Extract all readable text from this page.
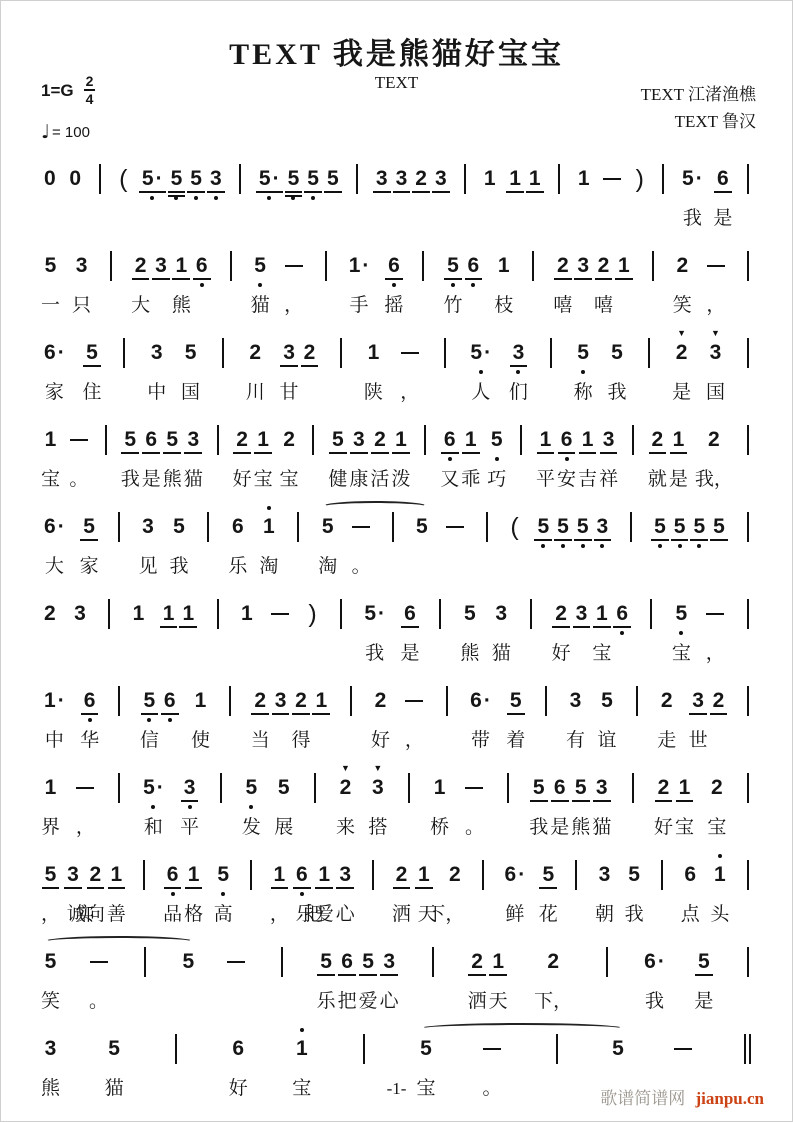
TEXT 我是熊猫好宝宝
TEXT
$1=G \frac{2}{4}$
♩ = 100
TEXT 江渚渔樵
TEXT 鲁汉
0 0 ( 5 · 5 5 3 5 · 5 5 5 3 3 2 3 1 1 1 1 ) 5 ·
我
6
是
5
一
3
只
2
大
3 1
熊
6 5
猫 ，
1 ·
手
6
摇
5
竹
6 1
枝
2
嘻
3 2
嘻
1 2
笑 ，
6 ·
家
5
住
3
中
5
国
2
川
3
甘
2 1
陕 ，
5 ·
人
3
们
5
称
5
我
▼
2
是
▼
3
国
1
宝 。
5
我
6
是
5
熊
3
猫
2
好
1
宝
2
宝
5
健
3
康
2
活
1
泼
6
又
1
乖
5
巧
1
平
6
安
1
吉
3
祥
2
就
1
是
2
我，
6 ·
大
5
家
3
见
5
我
6
乐
1
淘
5
淘 。
5	( 5 5 5 3 5 5 5 5
2 3 1 1 1 1 ) 5 ·
我
6
是
5
熊
3
猫
2
好
3 1
宝
6 5
宝 ，
1 ·
中
6
华
5
信
6 1
使
2
当
3 2
得
1 2
好 ，
6 ·
带
5
着
3
有
5
谊
2
走
3
世
2
1
界 ，
5 ·
和
3
平
5
发
5
展
▼
2
来
▼
3
搭
1
桥 。
5
我
6
是
5
熊
3
猫
2
好
1
宝
2
宝
5
，
3
诚实
2
向
1
善
6
品
1
格
5
高
1
，
6
乐把
1
爱
3
心
2
洒
1
天下
2
，
6 ·
鲜
5
花
3
朝
5
我
6
点
1
头
5
笑 。
5	5
乐
6
把
5
爱
3
心
2
洒
1
天
2
下，
6 ·
我
5
是
3
熊
5
猫
6
好
1
宝
5
宝 。
5
-1-
歌谱简谱网 jianpu.cn
